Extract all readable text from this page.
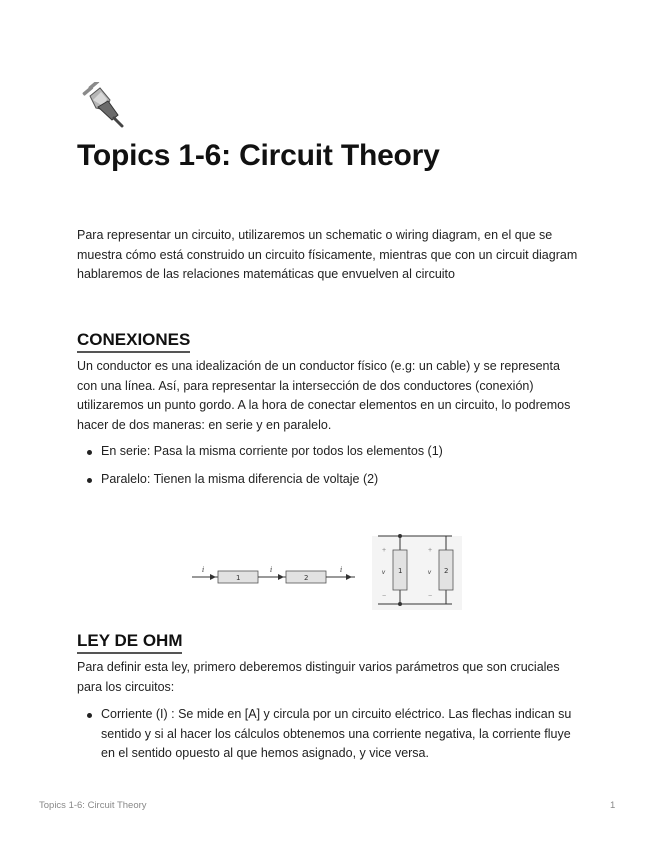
Topics 1-6: Circuit Theory

Para representar un circuito, utilizaremos un schematic o wiring diagram, en el que se muestra cómo está construido un circuito físicamente, mientras que con un circuit diagram hablaremos de las relaciones matemáticas que envuelven al circuito

CONEXIONES

Un conductor es una idealización de un conductor físico (e.g: un cable) y se representa con una línea. Así, para representar la intersección de dos conductores (conexión) utilizaremos un punto gordo. A la hora de conectar elementos en un circuito, lo podremos hacer de dos maneras: en serie y en paralelo.

En serie: Pasa la misma corriente por todos los elementos (1)
Paralelo: Tienen la misma diferencia de voltaje (2)
i
1
i
2
i	1	2
+
v
−
+
v
−
LEY DE OHM

Para definir esta ley, primero deberemos distinguir varios parámetros que son cruciales para los circuitos:

Corriente (I) : Se mide en [A] y circula por un circuito eléctrico. Las flechas indican su sentido y si al hacer los cálculos obtenemos una corriente negativa, la corriente fluye en el sentido opuesto al que hemos asignado, y vice versa.
Topics 1-6: Circuit Theory	1
